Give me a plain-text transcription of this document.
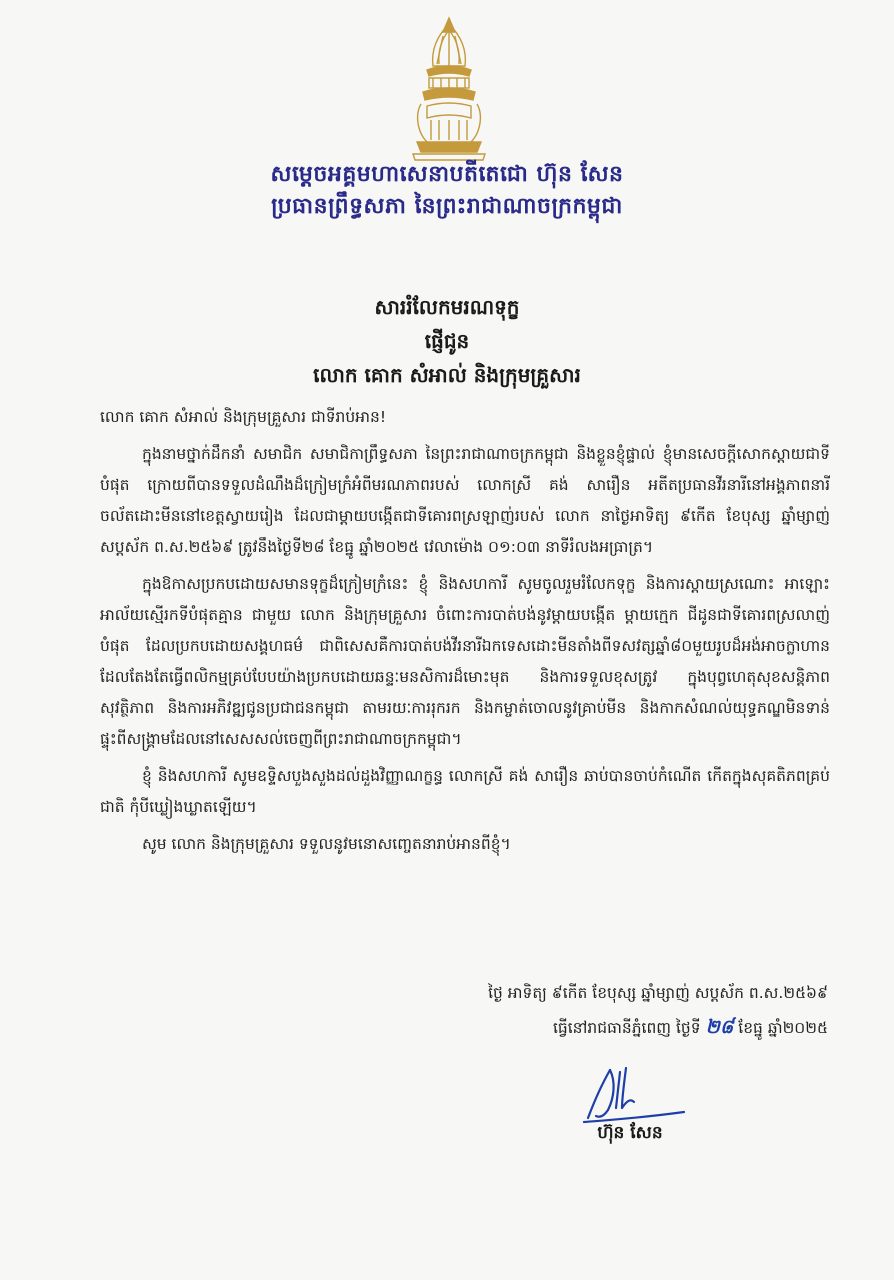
សម្ដេចអគ្គមហាសេនាបតីតេជោ ហ៊ុន សែន
ប្រធានព្រឹទ្ធសភា នៃព្រះរាជាណាចក្រកម្ពុជា
សាររំលែកមរណទុក្ខ
ផ្ញើជូន
លោក គោក សំអាល់ និងក្រុមគ្រួសារ

លោក គោក សំអាល់ និងក្រុមគ្រួសារ ជាទីរាប់អាន!

ក្នុងនាមថ្នាក់ដឹកនាំ សមាជិក សមាជិកាព្រឹទ្ធសភា នៃព្រះរាជាណាចក្រកម្ពុជា និងខ្លួនខ្ញុំផ្ទាល់ ខ្ញុំមានសេចក្ដីសោកស្ដាយជាទីបំផុត ក្រោយពីបានទទួលដំណឹងដ៏ក្រៀមក្រំអំពីមរណភាពរបស់ លោកស្រី គង់ សារឿន អតីតប្រធានវីរនារីនៅអង្គភាពនារីចល័តដោះមីននៅខេត្តស្វាយរៀង ដែលជាម្ដាយបង្កើតជាទីគោរពស្រឡាញ់របស់ លោក នាថ្ងៃអាទិត្យ ៩កើត ខែបុស្ស ឆ្នាំម្សាញ់ សប្តស័ក ព.ស.២៥៦៩ ត្រូវនឹងថ្ងៃទី២៨ ខែធ្នូ ឆ្នាំ២០២៥ វេលាម៉ោង ០១:០៣ នាទីរំលងអធ្រាត្រ។

ក្នុងឱកាសប្រកបដោយសមានទុក្ខដ៏ក្រៀមក្រំនេះ ខ្ញុំ និងសហការី សូមចូលរួមរំលែកទុក្ខ និងការស្ដាយស្រណោះ អាឡោះអាល័យស្មើរកទីបំផុតគ្មាន ជាមួយ លោក និងក្រុមគ្រួសារ ចំពោះការបាត់បង់នូវម្ដាយបង្កើត ម្ដាយក្មេក ជីដូនជាទីគោរពស្រលាញ់បំផុត ដែលប្រកបដោយសង្គហធម៌ ជាពិសេសគឺការបាត់បង់វីរនារីឯកទេសដោះមីនតាំងពីទសវត្សឆ្នាំ៨០មួយរូបដ៏អង់អាចក្លាហាន ដែលតែងតែធ្វើពលិកម្មគ្រប់បែបយ៉ាងប្រកបដោយឆន្ទៈមនសិការដ៏មោះមុត និងការទទួលខុសត្រូវ ក្នុងបុព្វហេតុសុខសន្តិភាព សុវត្ថិភាព និងការអភិវឌ្ឍជូនប្រជាជនកម្ពុជា តាមរយៈការរុករក និងកម្ចាត់ចោលនូវគ្រាប់មីន និងកាកសំណល់យុទ្ធភណ្ឌមិនទាន់ផ្ទុះពីសង្គ្រាមដែលនៅសេសសល់ចេញពីព្រះរាជាណាចក្រកម្ពុជា។

ខ្ញុំ និងសហការី សូមឧទ្ទិសបួងសួងដល់ដួងវិញ្ញាណក្ខន្ធ លោកស្រី គង់ សារឿន ឆាប់បានចាប់កំណើត កើតក្នុងសុគតិភពគ្រប់ជាតិ កុំបីឃ្លៀងឃ្លាតឡើយ។

សូម លោក និងក្រុមគ្រួសារ ទទួលនូវមនោសញ្ចេតនារាប់អានពីខ្ញុំ។

ថ្ងៃ អាទិត្យ ៩កើត ខែបុស្ស ឆ្នាំម្សាញ់ សប្តស័ក ព.ស.២៥៦៩
ធ្វើនៅរាជធានីភ្នំពេញ ថ្ងៃទី ២៨ ខែធ្នូ ឆ្នាំ២០២៥
ហ៊ុន សែន
